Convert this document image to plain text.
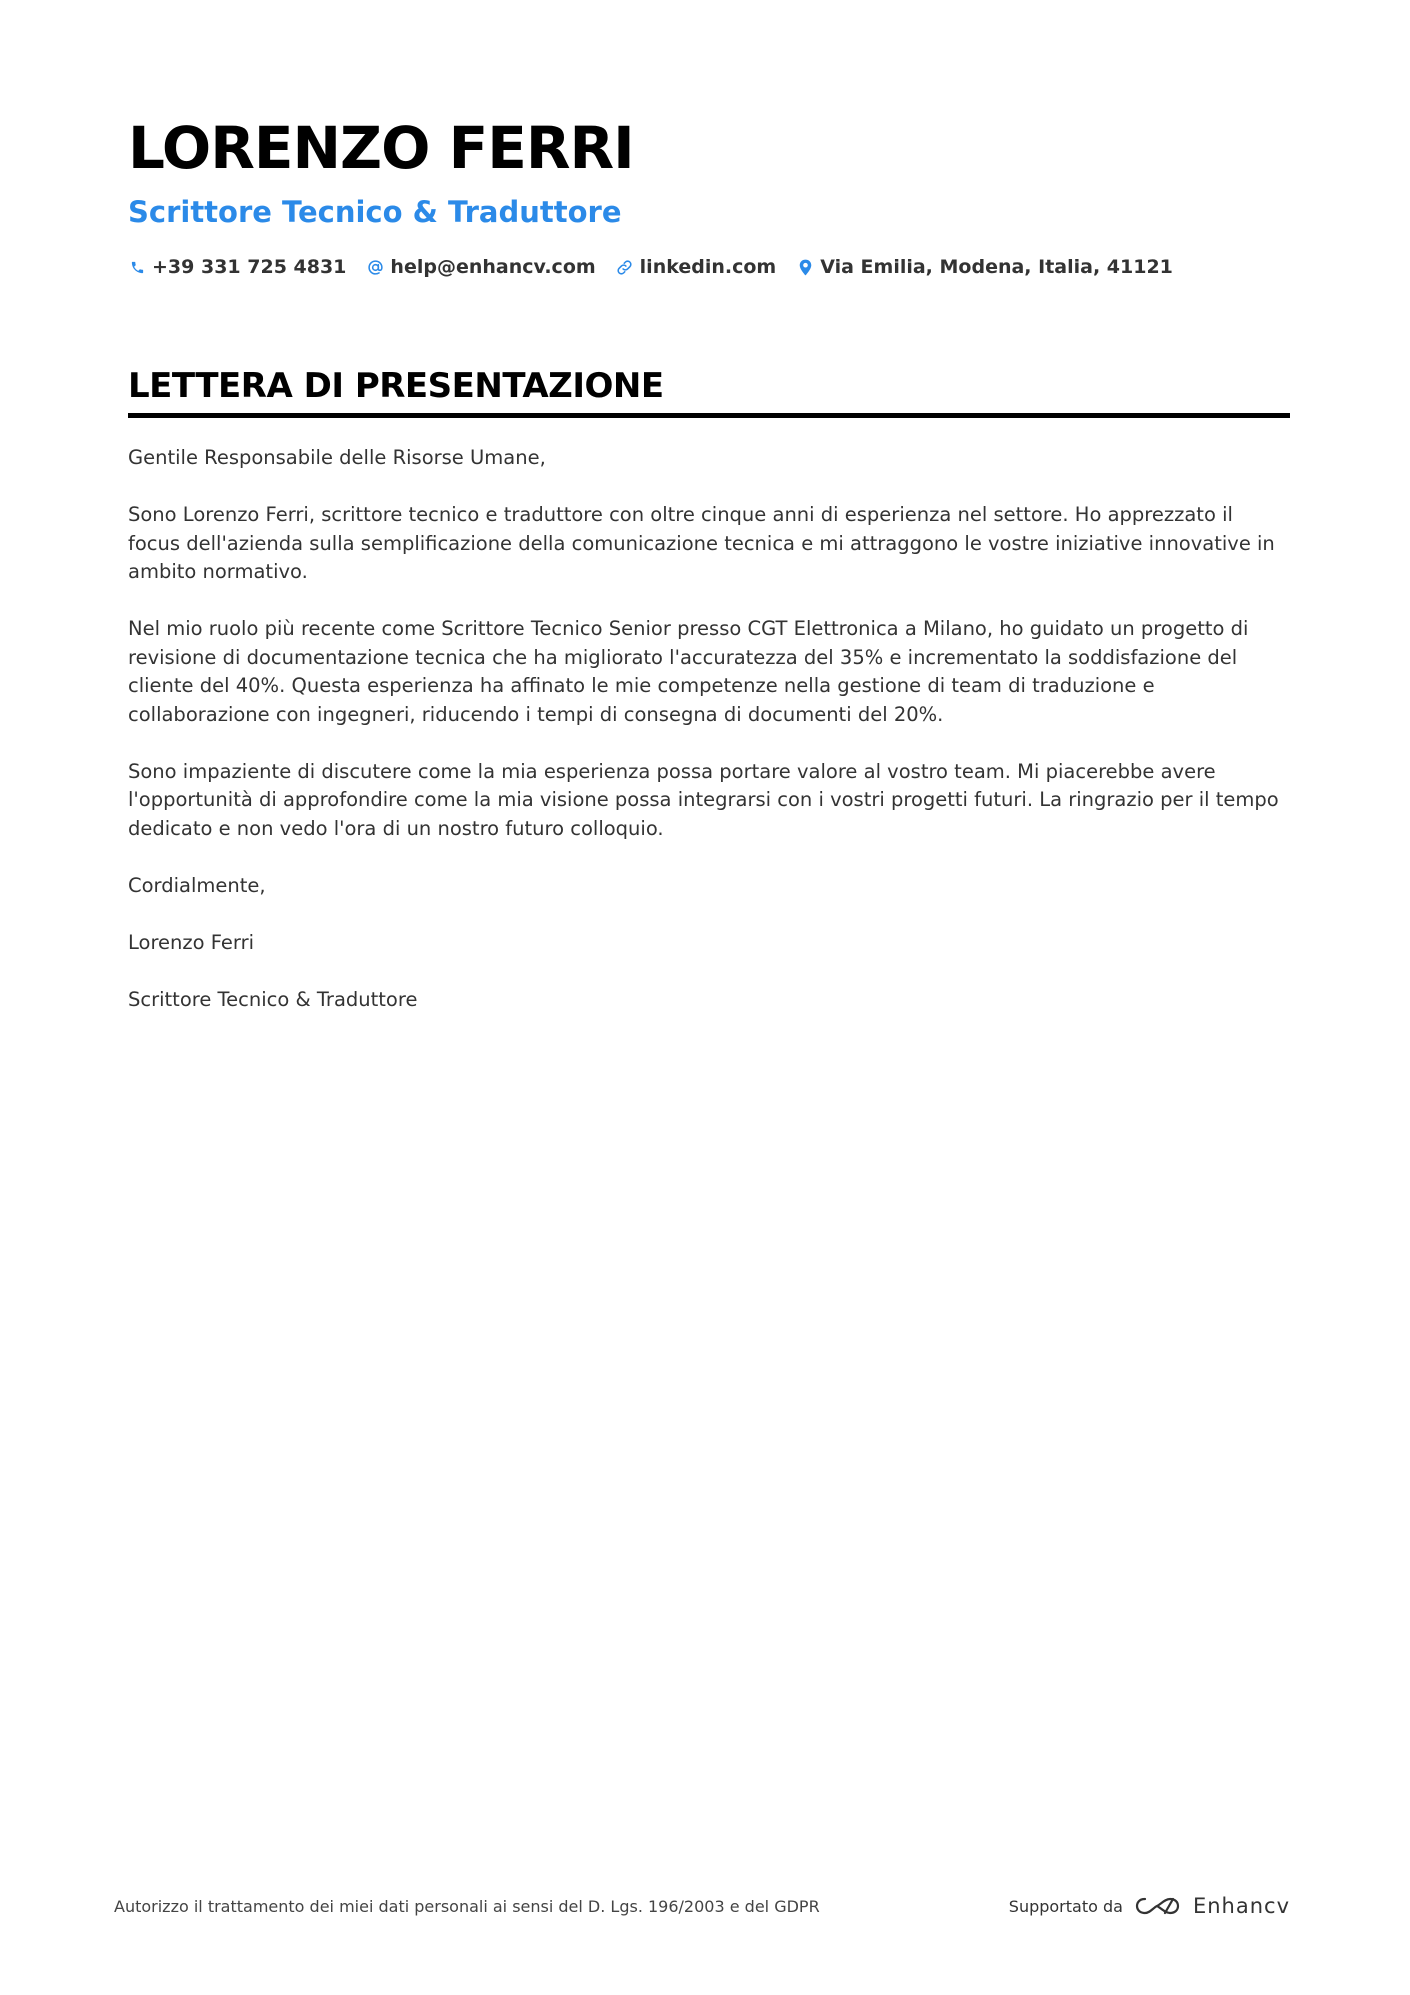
LORENZO FERRI
Scrittore Tecnico & Traduttore
+39 331 725 4831 help@enhancv.com linkedin.com Via Emilia, Modena, Italia, 41121
LETTERA DI PRESENTAZIONE

Gentile Responsabile delle Risorse Umane,

Sono Lorenzo Ferri, scrittore tecnico e traduttore con oltre cinque anni di esperienza nel settore. Ho apprezzato il focus dell'azienda sulla semplificazione della comunicazione tecnica e mi attraggono le vostre iniziative innovative in ambito normativo.

Nel mio ruolo più recente come Scrittore Tecnico Senior presso CGT Elettronica a Milano, ho guidato un progetto di revisione di documentazione tecnica che ha migliorato l'accuratezza del 35% e incrementato la soddisfazione del cliente del 40%. Questa esperienza ha affinato le mie competenze nella gestione di team di traduzione e collaborazione con ingegneri, riducendo i tempi di consegna di documenti del 20%.

Sono impaziente di discutere come la mia esperienza possa portare valore al vostro team. Mi piacerebbe avere l'opportunità di approfondire come la mia visione possa integrarsi con i vostri progetti futuri. La ringrazio per il tempo dedicato e non vedo l'ora di un nostro futuro colloquio.

Cordialmente,

Lorenzo Ferri

Scrittore Tecnico & Traduttore

Autorizzo il trattamento dei miei dati personali ai sensi del D. Lgs. 196/2003 e del GDPR	Supportato da	Enhancv
